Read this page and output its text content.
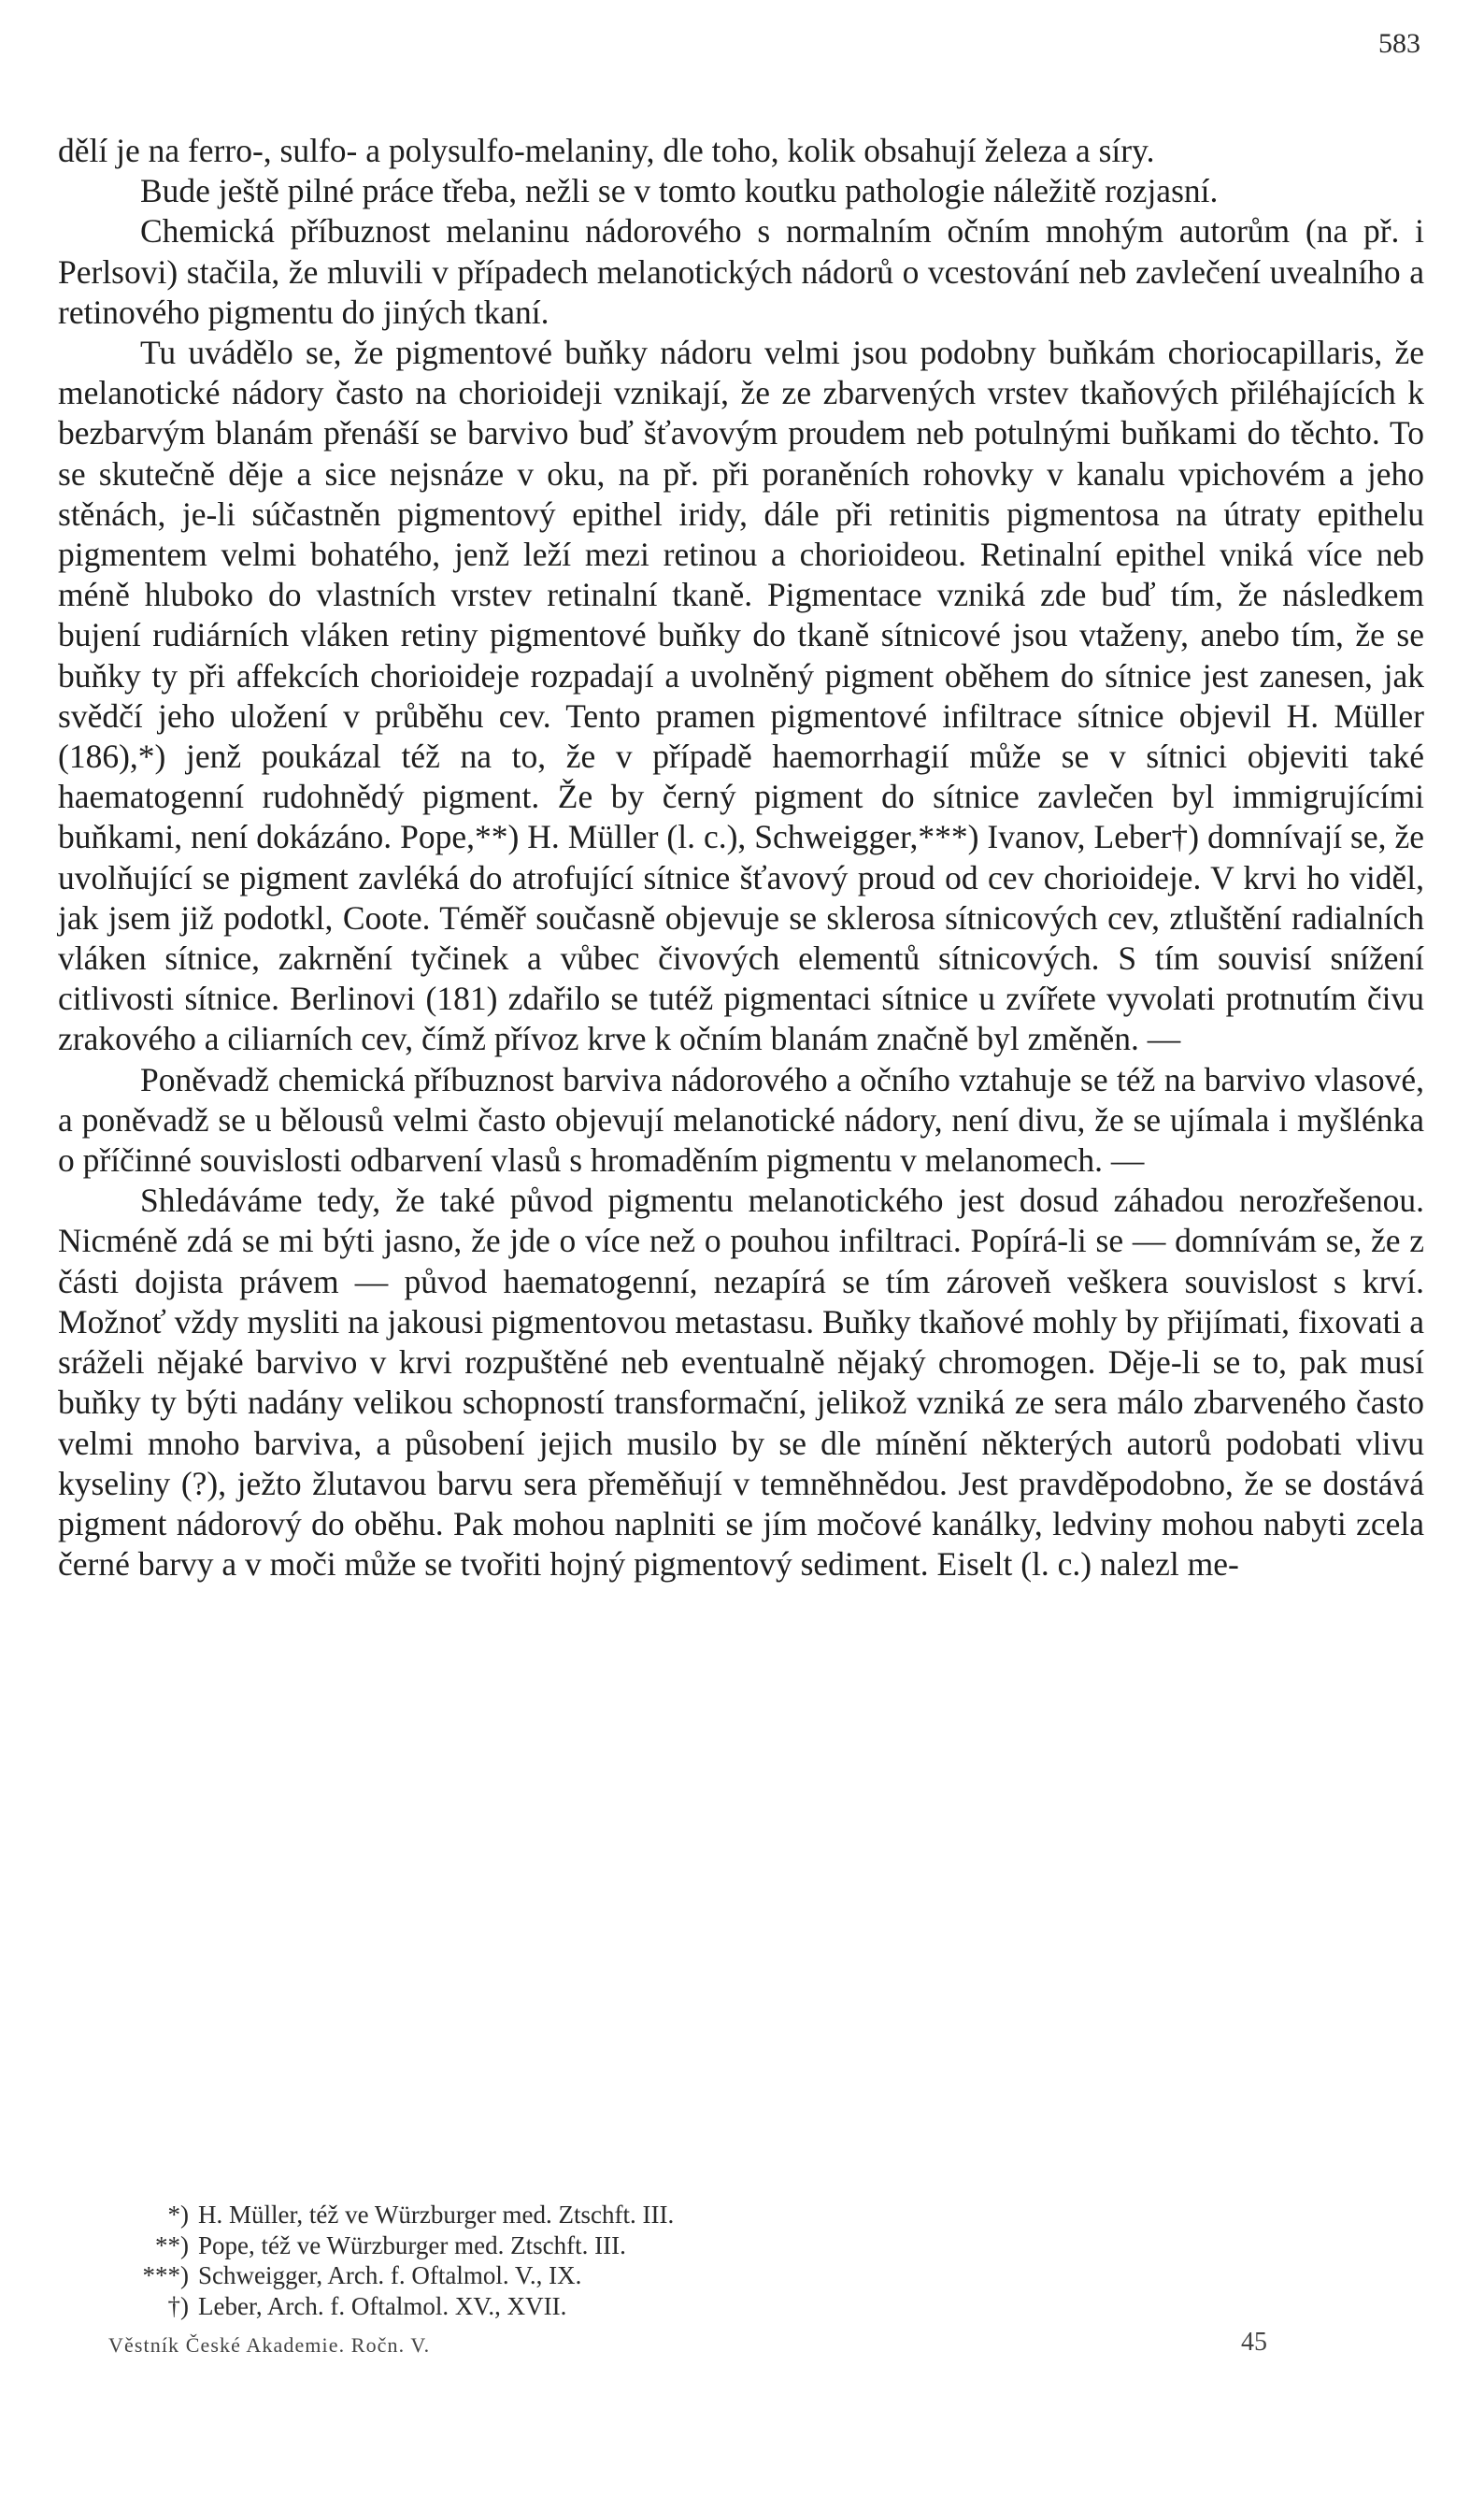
583

dělí je na ferro-, sulfo- a polysulfo-melaniny, dle toho, kolik obsahují železa a síry.

Bude ještě pilné práce třeba, nežli se v tomto koutku pathologie náležitě rozjasní.

Chemická příbuznost melaninu nádorového s normalním očním mnohým autorům (na př. i Perlsovi) stačila, že mluvili v případech melanotických nádorů o vcestování neb zavlečení uvealního a retinového pigmentu do jiných tkaní.

Tu uvádělo se, že pigmentové buňky nádoru velmi jsou podobny buňkám choriocapillaris, že melanotické nádory často na chorioideji vznikají, že ze zbarvených vrstev tkaňových přiléhajících k bezbarvým blanám přenáší se barvivo buď šťavovým proudem neb potulnými buňkami do těchto. To se skutečně děje a sice nejsnáze v oku, na př. při poraněních rohovky v kanalu vpichovém a jeho stěnách, je-li súčastněn pigmentový epithel iridy, dále při retinitis pigmentosa na útraty epithelu pigmentem velmi bohatého, jenž leží mezi retinou a chorioideou. Retinalní epithel vniká více neb méně hluboko do vlastních vrstev retinalní tkaně. Pigmentace vzniká zde buď tím, že následkem bujení rudiárních vláken retiny pigmentové buňky do tkaně sítnicové jsou vtaženy, anebo tím, že se buňky ty při affekcích chorioideje rozpadají a uvolněný pigment oběhem do sítnice jest zanesen, jak svědčí jeho uložení v průběhu cev. Tento pramen pigmentové infiltrace sítnice objevil H. Müller (186),*) jenž poukázal též na to, že v případě haemorrhagií může se v sítnici objeviti také haematogenní rudohnědý pigment. Že by černý pigment do sítnice zavlečen byl immigrujícími buňkami, není dokázáno. Pope,**) H. Müller (l. c.), Schweigger,***) Ivanov, Leber†) domnívají se, že uvolňující se pigment zavléká do atrofující sítnice šťavový proud od cev chorioideje. V krvi ho viděl, jak jsem již podotkl, Coote. Téměř současně objevuje se sklerosa sítnicových cev, ztluštění radialních vláken sítnice, zakrnění tyčinek a vůbec čivových elementů sítnicových. S tím souvisí snížení citlivosti sítnice. Berlinovi (181) zdařilo se tutéž pigmentaci sítnice u zvířete vyvolati protnutím čivu zrakového a ciliarních cev, čímž přívoz krve k očním blanám značně byl změněn. —

Poněvadž chemická příbuznost barviva nádorového a očního vztahuje se též na barvivo vlasové, a poněvadž se u bělousů velmi často objevují melanotické nádory, není divu, že se ujímala i myšlénka o příčinné souvislosti odbarvení vlasů s hromaděním pigmentu v melanomech. —

Shledáváme tedy, že také původ pigmentu melanotického jest dosud záhadou nerozřešenou. Nicméně zdá se mi býti jasno, že jde o více než o pouhou infiltraci. Popírá-li se — domnívám se, že z části dojista právem — původ haematogenní, nezapírá se tím zároveň veškera souvislost s krví. Možnoť vždy mysliti na jakousi pigmentovou metastasu. Buňky tkaňové mohly by přijímati, fixovati a sráželi nějaké barvivo v krvi rozpuštěné neb eventualně nějaký chromogen. Děje-li se to, pak musí buňky ty býti nadány velikou schopností transformační, jelikož vzniká ze sera málo zbarveného často velmi mnoho barviva, a působení jejich musilo by se dle mínění některých autorů podobati vlivu kyseliny (?), ježto žlutavou barvu sera přeměňují v temněhnědou. Jest pravděpodobno, že se dostává pigment nádorový do oběhu. Pak mohou naplniti se jím močové kanálky, ledviny mohou nabyti zcela černé barvy a v moči může se tvořiti hojný pigmentový sediment. Eiselt (l. c.) nalezl me-

*) H. Müller, též ve Würzburger med. Ztschft. III.
**) Pope, též ve Würzburger med. Ztschft. III.
***) Schweigger, Arch. f. Oftalmol. V., IX.
†) Leber, Arch. f. Oftalmol. XV., XVII.
Věstník České Akademie. Ročn. V.	45
